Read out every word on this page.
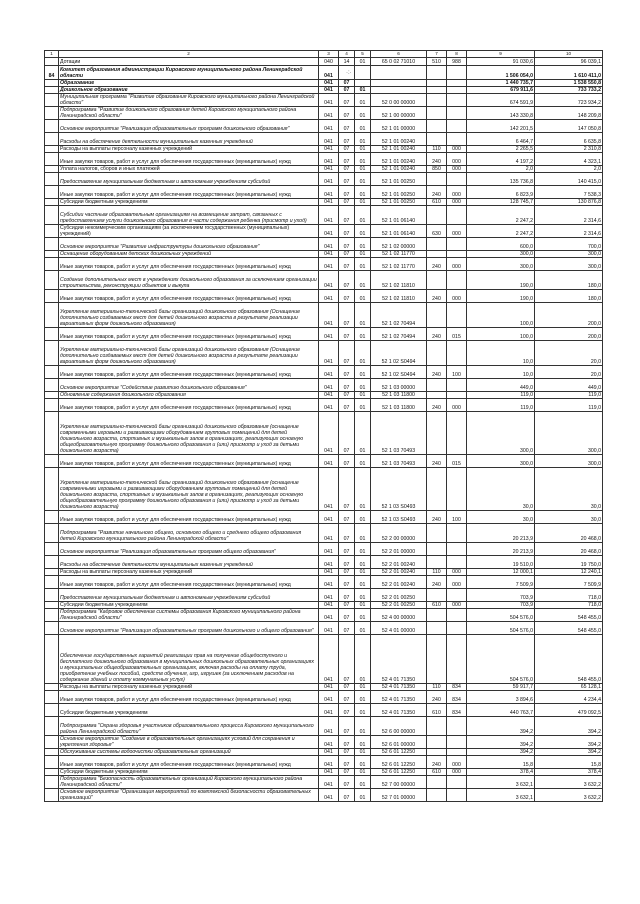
·:·
1	2	3	4	5	6	7	8	9	10
	Дотации	040	14	01	65 0 02 71010	510	988	91 030,6	96 039,1
84	Комитет образования администрации Кировского муниципального района Ленинградской области	041						1 506 054,0	1 610 411,0
	Образование	041	07					1 440 735,7	1 538 550,8
	Дошкольное образование	041	07	01				679 911,6	733 733,2
	Муниципальная программа "Развитие образования Кировского муниципального района Ленинградской области"	041	07	01	52 0 00 00000			674 591,9	723 934,2
	Подпрограмма "Развитие дошкольного образования детей Кировского муниципального района Ленинградской области"	041	07	01	52 1 00 00000			143 330,8	148 209,8
	Основное мероприятие "Реализация образовательных программ дошкольного образования"	041	07	01	52 1 01 00000			142 201,5	147 050,8
	Расходы на обеспечение деятельности муниципальных казенных учреждений	041	07	01	52 1 01 00240			6 464,7	6 635,8
	Расходы на выплаты персоналу казенных учреждений	041	07	01	52 1 01 00240	110	000	2 265,5	2 310,8
	Иные закупки товаров, работ и услуг для обеспечения государственных (муниципальных) нужд	041	07	01	52 1 01 00240	240	000	4 197,2	4 323,1
	Уплата налогов, сборов и иных платежей	041	07	01	52 1 01 00240	850	000	2,0	2,0
	Предоставление муниципальным бюджетным и автономным учреждениям субсидий	041	07	01	52 1 01 00250			135 736,8	140 415,0
	Иные закупки товаров, работ и услуг для обеспечения государственных (муниципальных) нужд	041	07	01	52 1 01 00250	240	000	6 823,9	7 538,3
	Субсидии бюджетным учреждениям	041	07	01	52 1 01 00250	610	000	128 745,7	130 876,8
	Субсидии частным образовательным организациям на возмещение затрат, связанных с предоставлением услуги дошкольного образования в части содержания ребенка (присмотр и уход)	041	07	01	52 1 01 06140			2 247,2	2 314,6
	Субсидии некоммерческим организациям (за исключением государственных (муниципальных) учреждений)	041	07	01	52 1 01 06140	630	000	2 247,2	2 314,6
	Основное мероприятие "Развитие инфраструктуры дошкольного образования"	041	07	01	52 1 02 00000			600,0	700,0
	Оснащение оборудованием детских дошкольных учреждений	041	07	01	52 1 02 11770			300,0	300,0
	Иные закупки товаров, работ и услуг для обеспечения государственных (муниципальных) нужд	041	07	01	52 1 02 11770	240	000	300,0	300,0
	Создание дополнительных мест в учреждениях дошкольного образования за исключением организации строительства, реконструкции объектов и выкупа	041	07	01	52 1 02 11810			190,0	180,0
	Иные закупки товаров, работ и услуг для обеспечения государственных (муниципальных) нужд	041	07	01	52 1 02 11810	240	000	190,0	180,0
	Укрепление материально-технической базы организаций дошкольного образования (Оснащение дополнительно создаваемых мест для детей дошкольного возраста в результате реализации вариативных форм дошкольного образования)	041	07	01	52 1 02 70494			100,0	200,0
	Иные закупки товаров, работ и услуг для обеспечения государственных (муниципальных) нужд	041	07	01	52 1 02 70494	240	015	100,0	200,0
	Укрепление материально-технической базы организаций дошкольного образования (Оснащение дополнительно создаваемых мест для детей дошкольного возраста в результате реализации вариативных форм дошкольного образования)	041	07	01	52 1 02 S0494			10,0	20,0
	Иные закупки товаров, работ и услуг для обеспечения государственных (муниципальных) нужд	041	07	01	52 1 02 S0494	240	100	10,0	20,0
	Основное мероприятие "Содействие развитию дошкольного образования"	041	07	01	52 1 03 00000			449,0	449,0
	Обновление содержания дошкольного образования	041	07	01	52 1 03 11800			119,0	119,0
	Иные закупки товаров, работ и услуг для обеспечения государственных (муниципальных) нужд	041	07	01	52 1 03 11800	240	000	119,0	119,0
	Укрепление материально-технической базы организаций дошкольного образования (оснащение современными игровыми и развивающими оборудованием групповых помещений для детей дошкольного возраста, спортивных и музыкальных залов в организациях, реализующих основную общеобразовательную программу дошкольного образования и (или) присмотр и уход за детьми дошкольного возраста)	041	07	01	52 1 03 70493			300,0	300,0
	Иные закупки товаров, работ и услуг для обеспечения государственных (муниципальных) нужд	041	07	01	52 1 03 70493	240	015	300,0	300,0
	Укрепление материально-технической базы организаций дошкольного образования (оснащение современными игровыми и развивающими оборудованием групповых помещений для детей дошкольного возраста, спортивных и музыкальных залов в организациях, реализующих основную общеобразовательную программу дошкольного образования и (или) присмотр и уход за детьми дошкольного возраста)	041	07	01	52 1 03 S0493			30,0	30,0
	Иные закупки товаров, работ и услуг для обеспечения государственных (муниципальных) нужд	041	07	01	52 1 03 S0493	240	100	30,0	30,0
	Подпрограмма "Развитие начального общего, основного общего и среднего общего образования детей Кировского муниципального района Ленинградской области"	041	07	01	52 2 00 00000			20 213,9	20 468,0
	Основное мероприятие "Реализация образовательных программ общего образования"	041	07	01	52 2 01 00000			20 213,9	20 468,0
	Расходы на обеспечение деятельности муниципальных казенных учреждений	041	07	01	52 2 01 00240			19 510,0	19 750,0
	Расходы на выплаты персоналу казенных учреждений	041	07	01	52 2 01 00240	110	000	12 000,1	12 240,1
	Иные закупки товаров, работ и услуг для обеспечения государственных (муниципальных) нужд	041	07	01	52 2 01 00240	240	000	7 509,9	7 509,9
	Предоставление муниципальным бюджетным и автономным учреждениям субсидий	041	07	01	52 2 01 00250			703,9	718,0
	Субсидии бюджетным учреждениям	041	07	01	52 2 01 00250	610	000	703,9	718,0
	Подпрограмма "Кадровое обеспечение системы образования Кировского муниципального района Ленинградской области"	041	07	01	52 4 00 00000			504 576,0	548 455,0
	Основное мероприятие "Реализация образовательных программ дошкольного и общего образования"	041	07	01	52 4 01 00000			504 576,0	548 455,0
	Обеспечение государственных гарантий реализации прав на получение общедоступного и бесплатного дошкольного образования в муниципальных дошкольных образовательных организациях и муниципальных общеобразовательных организациях, включая расходы на оплату труда, приобретение учебных пособий, средств обучения, игр, игрушек (за исключением расходов на содержание зданий и оплату коммунальных услуг)	041	07	01	52 4 01 71350			504 576,0	548 455,0
	Расходы на выплаты персоналу казенных учреждений	041	07	01	52 4 01 71350	110	834	59 917,7	65 128,1
	Иные закупки товаров, работ и услуг для обеспечения государственных (муниципальных) нужд	041	07	01	52 4 01 71350	240	834	3 894,6	4 234,4
	Субсидии бюджетным учреждениям	041	07	01	52 4 01 71350	610	834	440 763,7	479 092,5
	Подпрограмма "Охрана здоровья участников образовательного процесса Кировского муниципального района Ленинградской области"	041	07	01	52 6 00 00000			394,2	394,2
	Основное мероприятие "Создание в образовательных организациях условий для сохранения и укрепления здоровья"	041	07	01	52 6 01 00000			394,2	394,2
	Обслуживание системы водоочистки образовательных организаций	041	07	01	52 6 01 12250			394,2	394,2
	Иные закупки товаров, работ и услуг для обеспечения государственных (муниципальных) нужд	041	07	01	52 6 01 12250	240	000	15,8	15,8
	Субсидии бюджетным учреждениям	041	07	01	52 6 01 12250	610	000	378,4	378,4
	Подпрограмма "Безопасность образовательных организаций Кировского муниципального района Ленинградской области"	041	07	01	52 7 00 00000			3 632,1	3 632,2
	Основное мероприятие "Организация мероприятий по комплексной безопасности образовательных организаций"	041	07	01	52 7 01 00000			3 632,1	3 632,2
